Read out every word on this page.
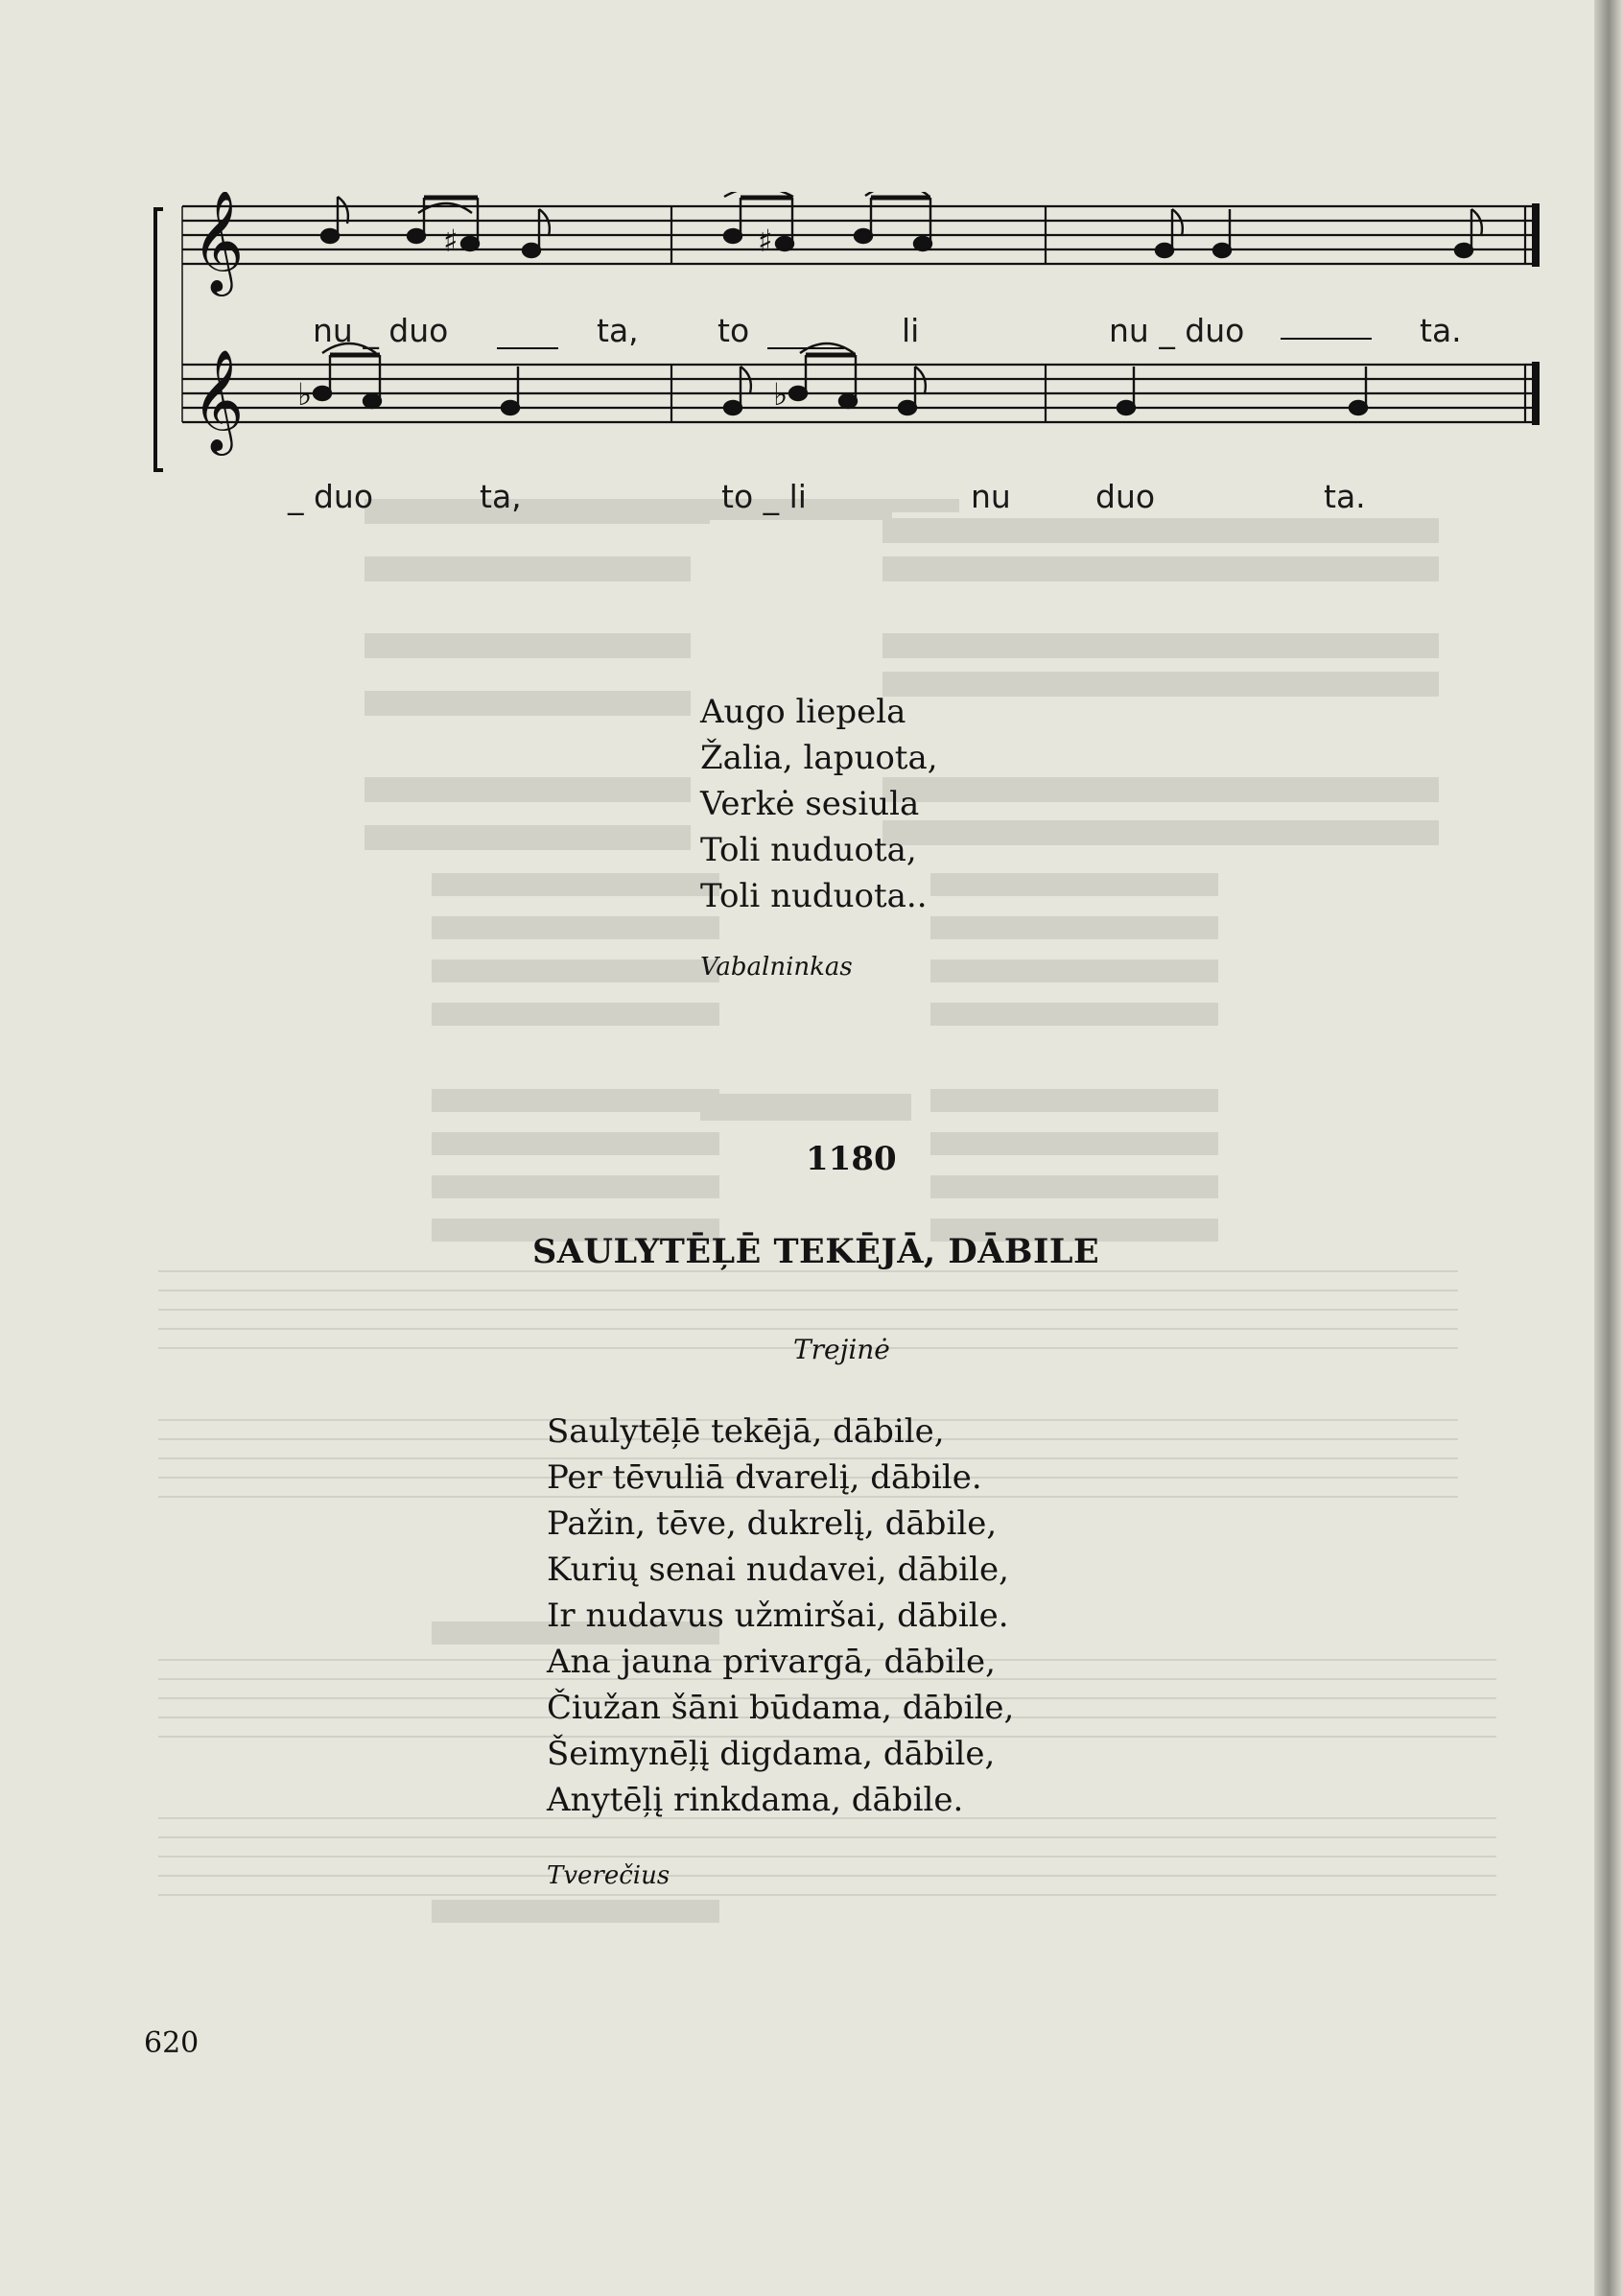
𝄞
𝄞
♯	♯
♭	♭
nu _ duo	ta, to	li	nu _ duo	ta.
_ duo	ta,	to _ li	nu	duo	ta.
Augo liepela
Žalia, lapuota,
Verkė sesiula
Toli nuduota,
Toli nuduota..
Vabalninkas
1180
SAULYTĒĻĒ TEKĒJĀ, DĀBILE
Trejinė
Saulytēļē tekējā, dābile,
Per tēvuliā dvarelį, dābile.
Pažin, tēve, dukrelį, dābile,
Kurių senai nudavei, dābile,
Ir nudavus užmiršai, dābile.
Ana jauna privargā, dābile,
Čiužan šāni būdama, dābile,
Šeimynēļį digdama, dābile,
Anytēļį rinkdama, dābile.
Tverečius
620
